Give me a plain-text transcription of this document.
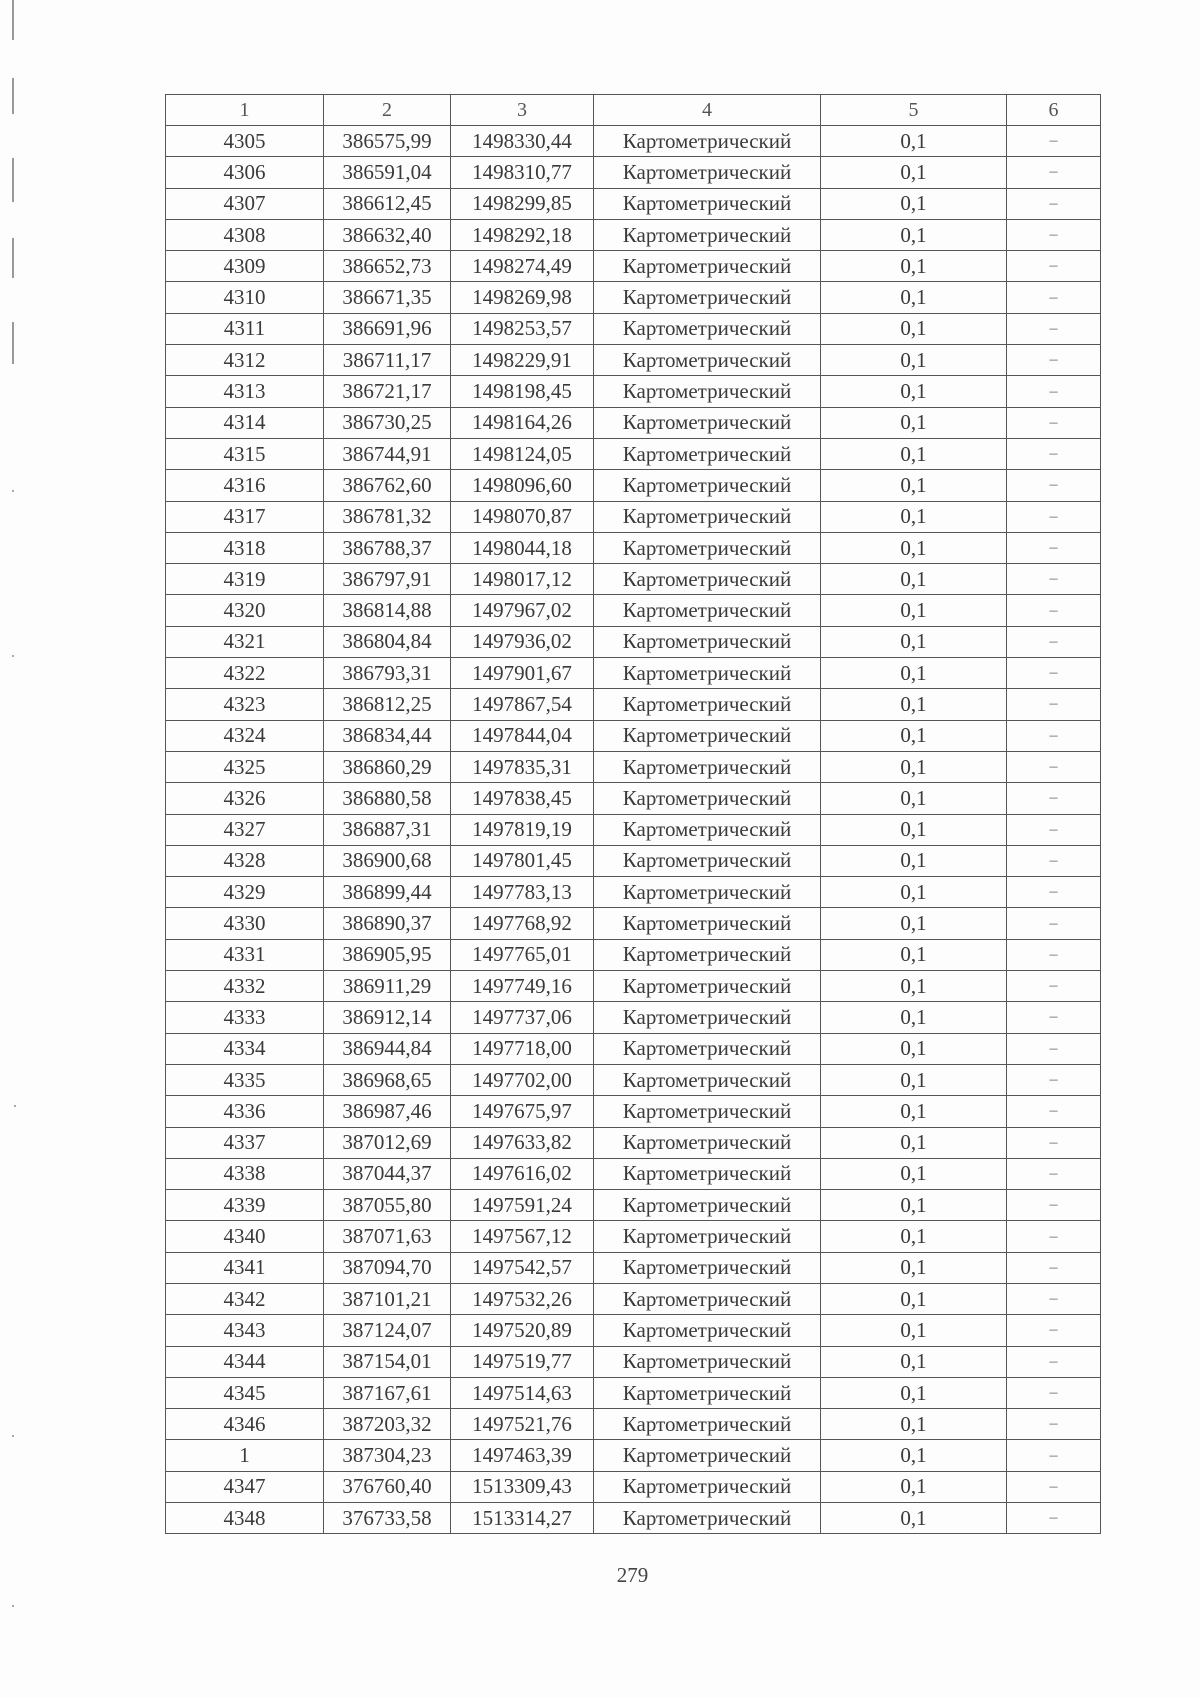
1	2	3	4	5	6
4305	386575,99	1498330,44	Картометрический	0,1	–
4306	386591,04	1498310,77	Картометрический	0,1	–
4307	386612,45	1498299,85	Картометрический	0,1	–
4308	386632,40	1498292,18	Картометрический	0,1	–
4309	386652,73	1498274,49	Картометрический	0,1	–
4310	386671,35	1498269,98	Картометрический	0,1	–
4311	386691,96	1498253,57	Картометрический	0,1	–
4312	386711,17	1498229,91	Картометрический	0,1	–
4313	386721,17	1498198,45	Картометрический	0,1	–
4314	386730,25	1498164,26	Картометрический	0,1	–
4315	386744,91	1498124,05	Картометрический	0,1	–
4316	386762,60	1498096,60	Картометрический	0,1	–
4317	386781,32	1498070,87	Картометрический	0,1	–
4318	386788,37	1498044,18	Картометрический	0,1	–
4319	386797,91	1498017,12	Картометрический	0,1	–
4320	386814,88	1497967,02	Картометрический	0,1	–
4321	386804,84	1497936,02	Картометрический	0,1	–
4322	386793,31	1497901,67	Картометрический	0,1	–
4323	386812,25	1497867,54	Картометрический	0,1	–
4324	386834,44	1497844,04	Картометрический	0,1	–
4325	386860,29	1497835,31	Картометрический	0,1	–
4326	386880,58	1497838,45	Картометрический	0,1	–
4327	386887,31	1497819,19	Картометрический	0,1	–
4328	386900,68	1497801,45	Картометрический	0,1	–
4329	386899,44	1497783,13	Картометрический	0,1	–
4330	386890,37	1497768,92	Картометрический	0,1	–
4331	386905,95	1497765,01	Картометрический	0,1	–
4332	386911,29	1497749,16	Картометрический	0,1	–
4333	386912,14	1497737,06	Картометрический	0,1	–
4334	386944,84	1497718,00	Картометрический	0,1	–
4335	386968,65	1497702,00	Картометрический	0,1	–
4336	386987,46	1497675,97	Картометрический	0,1	–
4337	387012,69	1497633,82	Картометрический	0,1	–
4338	387044,37	1497616,02	Картометрический	0,1	–
4339	387055,80	1497591,24	Картометрический	0,1	–
4340	387071,63	1497567,12	Картометрический	0,1	–
4341	387094,70	1497542,57	Картометрический	0,1	–
4342	387101,21	1497532,26	Картометрический	0,1	–
4343	387124,07	1497520,89	Картометрический	0,1	–
4344	387154,01	1497519,77	Картометрический	0,1	–
4345	387167,61	1497514,63	Картометрический	0,1	–
4346	387203,32	1497521,76	Картометрический	0,1	–
1	387304,23	1497463,39	Картометрический	0,1	–
4347	376760,40	1513309,43	Картометрический	0,1	–
4348	376733,58	1513314,27	Картометрический	0,1	–
279
